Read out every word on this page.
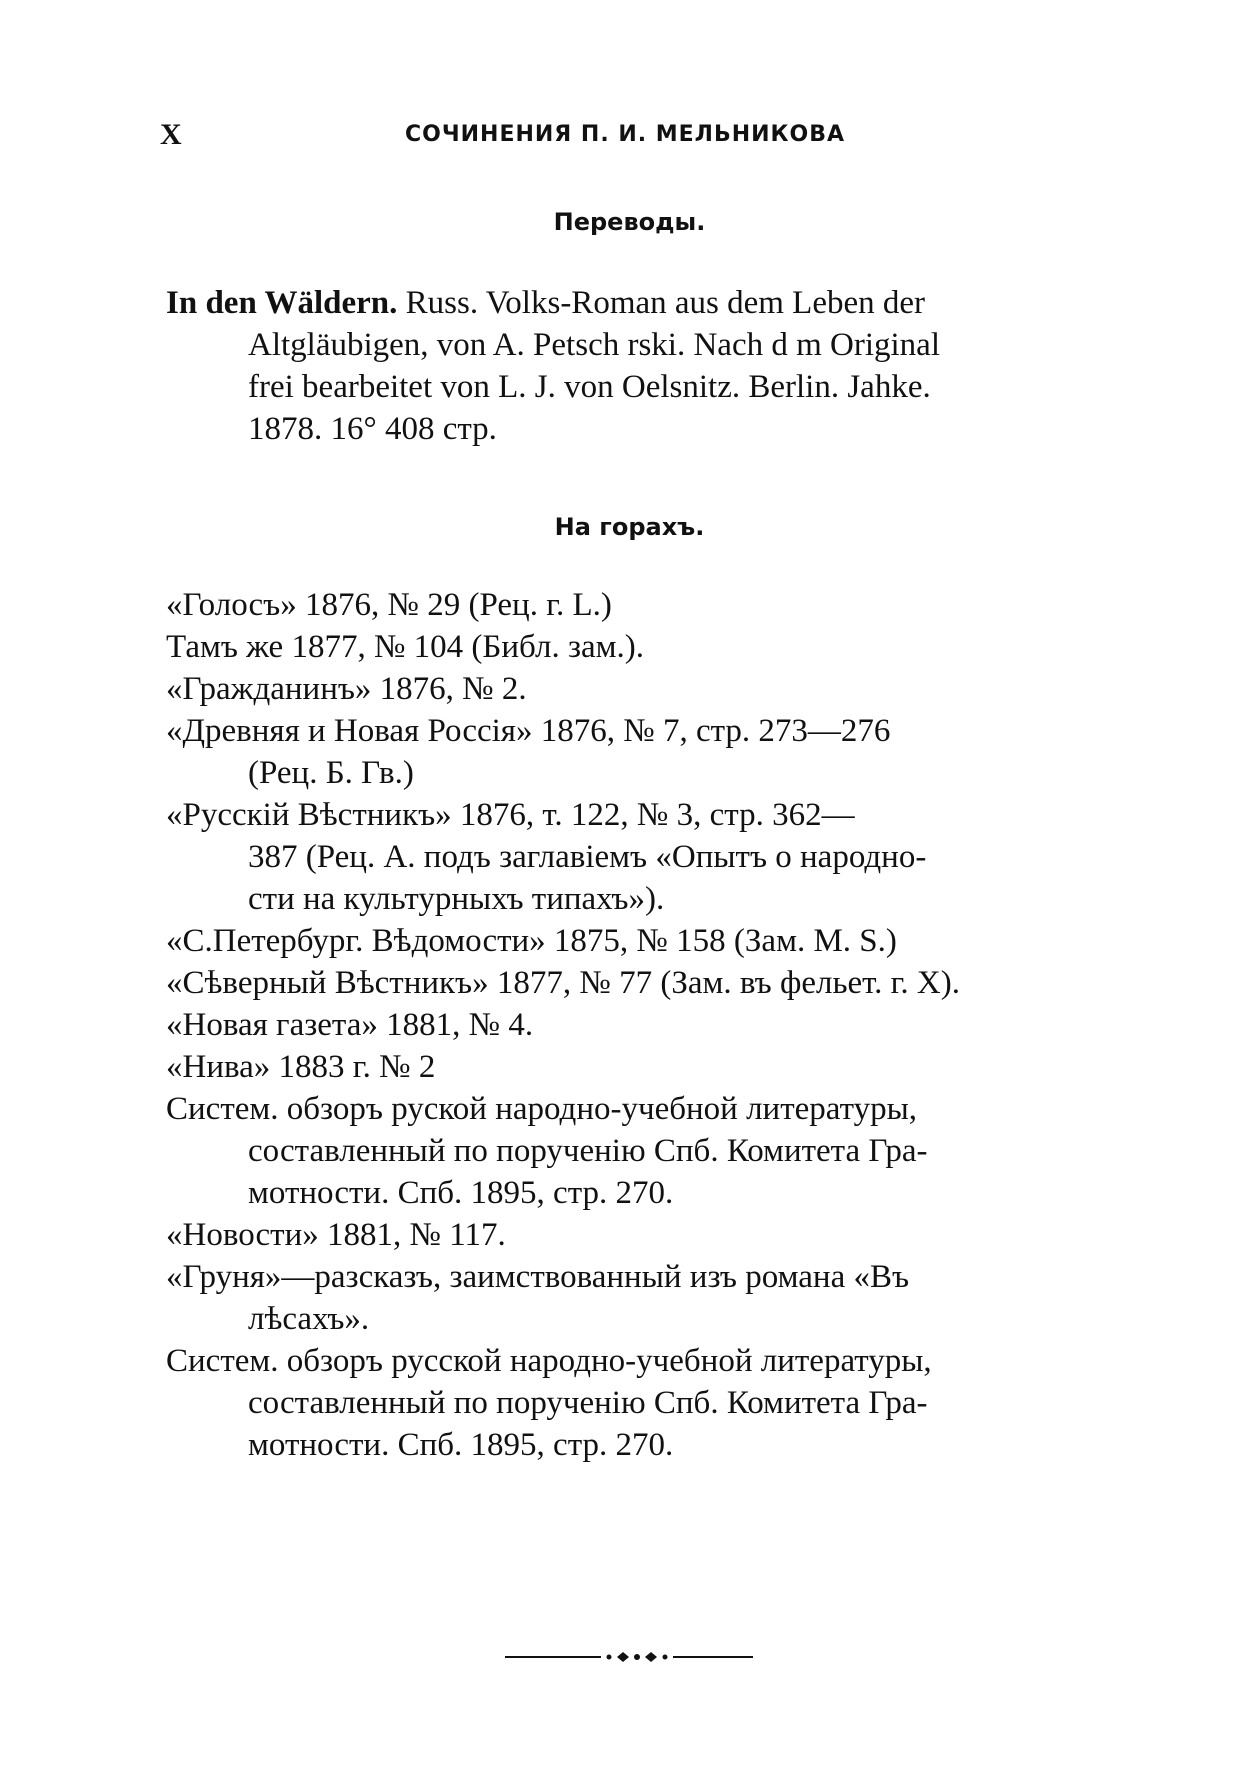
X	СОЧИНЕНИЯ П. И. МЕЛЬНИКОВА
Переводы.
In den Wäldern. Russ. Volks-Roman aus dem Leben der
Altgläubigen, von A. Petsch rski. Nach d m Original
frei bearbeitet von L. J. von Oelsnitz. Berlin. Jahke.
1878. 16° 408 стр.
На горахъ.
«Голосъ» 1876, № 29 (Рец. г. L.)
Тамъ же 1877, № 104 (Библ. зам.).
«Гражданинъ» 1876, № 2.
«Древняя и Новая Россія» 1876, № 7, стр. 273—276
(Рец. Б. Гв.)
«Русскій Вѣстникъ» 1876, т. 122, № 3, стр. 362—
387 (Рец. А. подъ заглавіемъ «Опытъ о народно-
сти на культурныхъ типахъ»).
«С.Петербург. Вѣдомости» 1875, № 158 (Зам. M. S.)
«Сѣверный Вѣстникъ» 1877, № 77 (Зам. въ фельет. г. X).
«Новая газета» 1881, № 4.
«Нива» 1883 г. № 2
Систем. обзоръ руской народно-учебной литературы,
составленный по порученію Спб. Комитета Гра-
мотности. Спб. 1895, стр. 270.
«Новости» 1881, № 117.
«Груня»—разсказъ, заимствованный изъ романа «Въ
лѣсахъ».
Систем. обзоръ русской народно-учебной литературы,
составленный по порученію Спб. Комитета Гра-
мотности. Спб. 1895, стр. 270.
